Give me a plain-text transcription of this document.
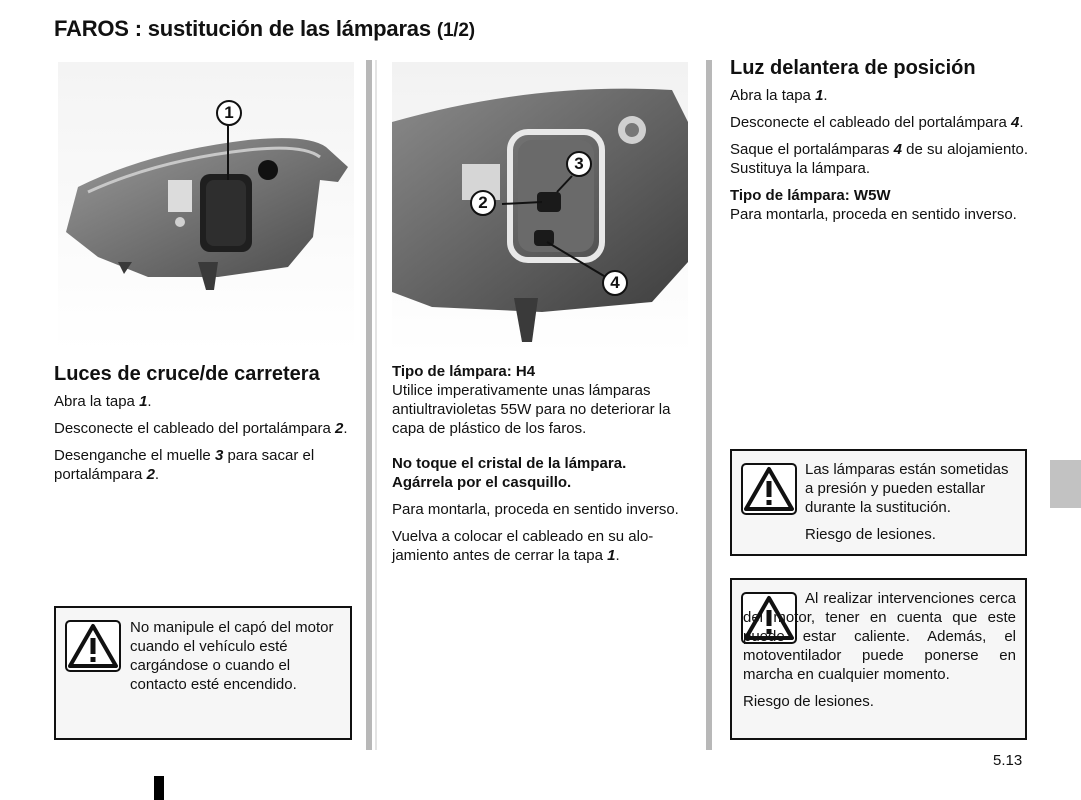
FAROS : sustitución de las lámparas (1/2)
1
3
2
4
Luces de cruce/de carretera

Abra la tapa 1.

Desconecte el cableado del portalámpara 2.

Desenganche el muelle 3 para sacar el portalámpara 2.

No manipule el capó del motor cuando el vehículo esté cargándose o cuando el contacto esté encendido.

Tipo de lámpara: H4

Utilice imperativamente unas lámparas antiultravioletas 55W para no deteriorar la capa de plástico de los faros.

No toque el cristal de la lámpara. Agárrela por el casquillo.

Para montarla, proceda en sentido inverso.

Vuelva a colocar el cableado en su alojamiento antes de cerrar la tapa 1.

Luz delantera de posición

Abra la tapa 1.

Desconecte el cableado del portalámpara 4.

Saque el portalámparas 4 de su alojamiento. Sustituya la lámpara.

Tipo de lámpara: W5W

Para montarla, proceda en sentido inverso.

Las lámparas están sometidas a presión y pueden estallar durante la sustitución.

Riesgo de lesiones.

Al realizar intervenciones cerca del motor, tener en cuenta que este puede estar caliente. Además, el motoventilador puede ponerse en marcha en cualquier momento.

Riesgo de lesiones.

5.13
